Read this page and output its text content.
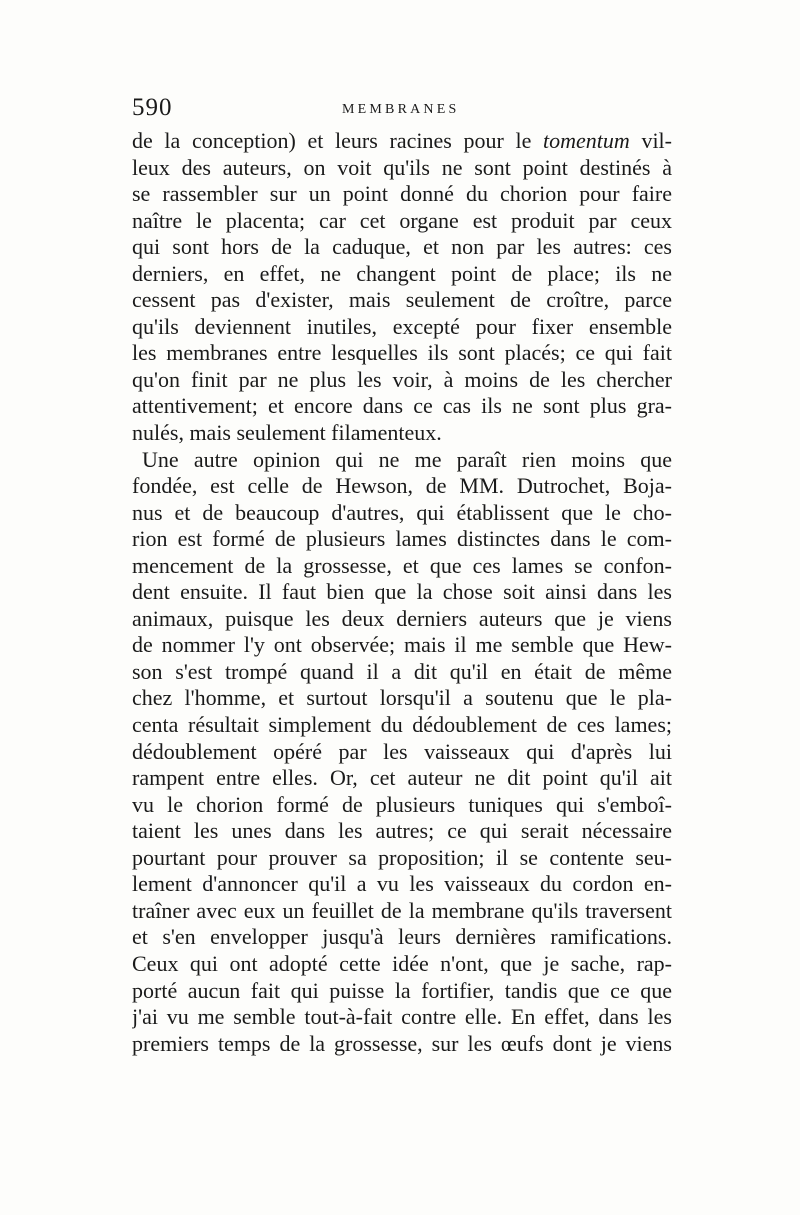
590	MEMBRANES
de la conception) et leurs racines pour le tomentum vil-
leux des auteurs, on voit qu'ils ne sont point destinés à
se rassembler sur un point donné du chorion pour faire
naître le placenta; car cet organe est produit par ceux
qui sont hors de la caduque, et non par les autres: ces
derniers, en effet, ne changent point de place; ils ne
cessent pas d'exister, mais seulement de croître, parce
qu'ils deviennent inutiles, excepté pour fixer ensemble
les membranes entre lesquelles ils sont placés; ce qui fait
qu'on finit par ne plus les voir, à moins de les chercher
attentivement; et encore dans ce cas ils ne sont plus gra-
nulés, mais seulement filamenteux.
Une autre opinion qui ne me paraît rien moins que
fondée, est celle de Hewson, de MM. Dutrochet, Boja-
nus et de beaucoup d'autres, qui établissent que le cho-
rion est formé de plusieurs lames distinctes dans le com-
mencement de la grossesse, et que ces lames se confon-
dent ensuite. Il faut bien que la chose soit ainsi dans les
animaux, puisque les deux derniers auteurs que je viens
de nommer l'y ont observée; mais il me semble que Hew-
son s'est trompé quand il a dit qu'il en était de même
chez l'homme, et surtout lorsqu'il a soutenu que le pla-
centa résultait simplement du dédoublement de ces lames;
dédoublement opéré par les vaisseaux qui d'après lui
rampent entre elles. Or, cet auteur ne dit point qu'il ait
vu le chorion formé de plusieurs tuniques qui s'emboî-
taient les unes dans les autres; ce qui serait nécessaire
pourtant pour prouver sa proposition; il se contente seu-
lement d'annoncer qu'il a vu les vaisseaux du cordon en-
traîner avec eux un feuillet de la membrane qu'ils traversent
et s'en envelopper jusqu'à leurs dernières ramifications.
Ceux qui ont adopté cette idée n'ont, que je sache, rap-
porté aucun fait qui puisse la fortifier, tandis que ce que
j'ai vu me semble tout-à-fait contre elle. En effet, dans les
premiers temps de la grossesse, sur les œufs dont je viens
